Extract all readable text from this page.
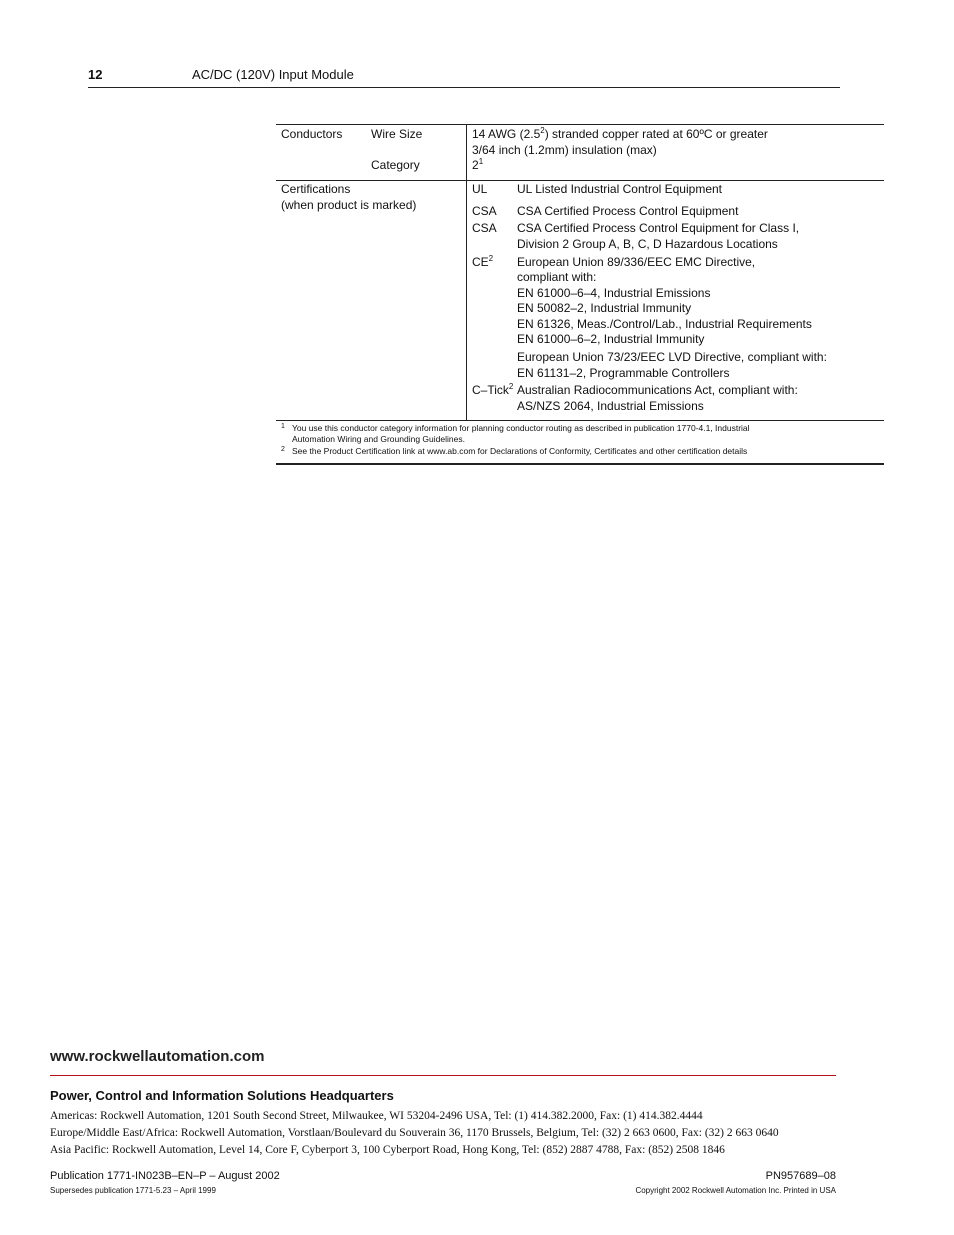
12	AC/DC (120V) Input Module
Conductors Wire Size	14 AWG $(2.5^2)$ stranded copper rated at 60ºC or greater
3/64 inch (1.2mm) insulation (max)
Category	$2^1$
Certifications
(when product is marked)
UL UL Listed Industrial Control Equipment
CSA CSA Certified Process Control Equipment
CSA CSA Certified Process Control Equipment for Class I,
Division 2 Group A, B, C, D Hazardous Locations
$CE^2$ European Union 89/336/EEC EMC Directive,
compliant with:
EN 61000–6–4, Industrial Emissions
EN 50082–2, Industrial Immunity
EN 61326, Meas./Control/Lab., Industrial Requirements
EN 61000–6–2, Industrial Immunity
European Union 73/23/EEC LVD Directive, compliant with:
EN 61131–2, Programmable Controllers
C–Tick$^2$ Australian Radiocommunications Act, compliant with:
AS/NZS 2064, Industrial Emissions
1 You use this conductor category information for planning conductor routing as described in publication 1770-4.1, Industrial
Automation Wiring and Grounding Guidelines.
2 See the Product Certification link at www.ab.com for Declarations of Conformity, Certificates and other certification details
www.rockwellautomation.com
Power, Control and Information Solutions Headquarters
Americas: Rockwell Automation, 1201 South Second Street, Milwaukee, WI 53204-2496 USA, Tel: (1) 414.382.2000, Fax: (1) 414.382.4444
Europe/Middle East/Africa: Rockwell Automation, Vorstlaan/Boulevard du Souverain 36, 1170 Brussels, Belgium, Tel: (32) 2 663 0600, Fax: (32) 2 663 0640
Asia Pacific: Rockwell Automation, Level 14, Core F, Cyberport 3, 100 Cyberport Road, Hong Kong, Tel: (852) 2887 4788, Fax: (852) 2508 1846
Publication 1771-IN023B–EN–P – August 2002	PN957689–08
Supersedes publication 1771-5.23 – April 1999	Copyright 2002 Rockwell Automation Inc. Printed in USA
